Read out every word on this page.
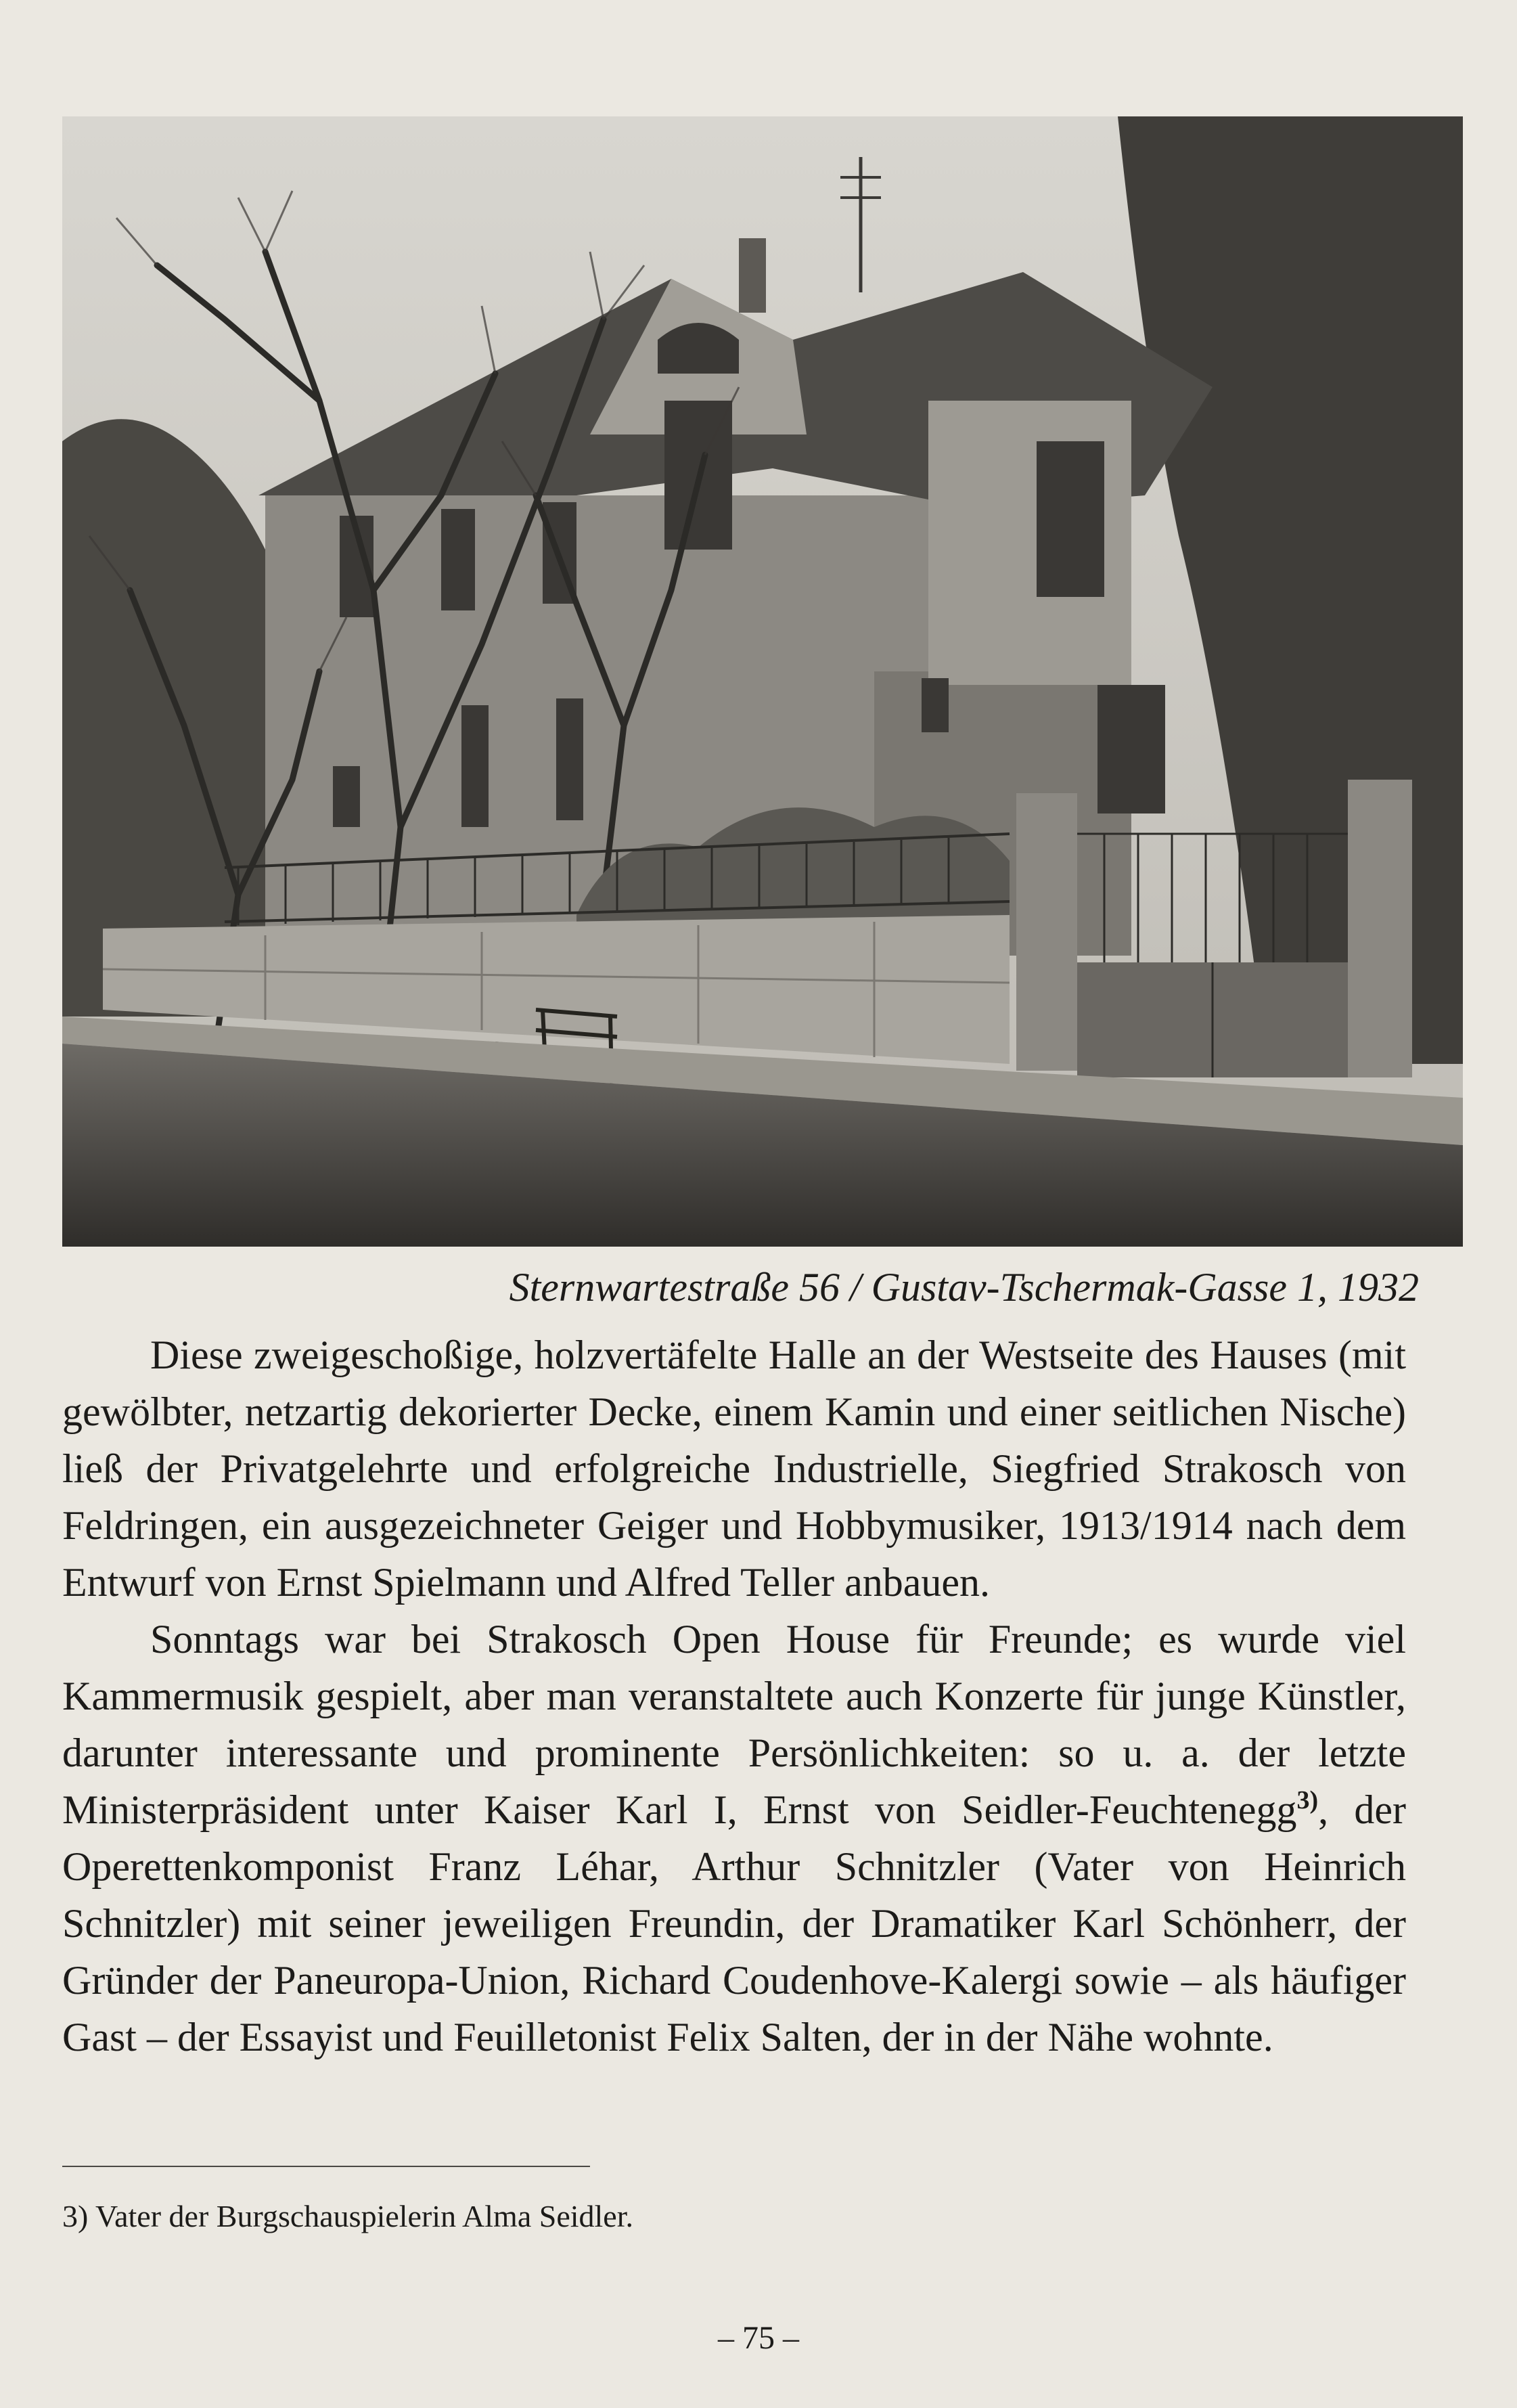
Sternwartestraße 56 / Gustav-Tschermak-Gasse 1, 1932

Diese zweigeschoßige, holzvertäfelte Halle an der Westseite des Hauses (mit gewölbter, netzartig dekorierter Decke, einem Kamin und einer seitlichen Nische) ließ der Privatgelehrte und erfolgreiche Industrielle, Siegfried Strakosch von Feldringen, ein ausgezeichneter Geiger und Hobbymusiker, 1913/1914 nach dem Entwurf von Ernst Spielmann und Alfred Teller anbauen.

Sonntags war bei Strakosch Open House für Freunde; es wurde viel Kammermusik gespielt, aber man veranstaltete auch Konzerte für junge Künstler, darunter interessante und prominente Persönlichkeiten: so u. a. der letzte Ministerpräsident unter Kaiser Karl I, Ernst von Seidler-Feuchtenegg$^{3)}$, der Operettenkomponist Franz Léhar, Arthur Schnitzler (Vater von Heinrich Schnitzler) mit seiner jeweiligen Freundin, der Dramatiker Karl Schönherr, der Gründer der Paneuropa-Union, Richard Coudenhove-Kalergi sowie – als häufiger Gast – der Essayist und Feuilletonist Felix Salten, der in der Nähe wohnte.

3) Vater der Burgschauspielerin Alma Seidler.

– 75 –
